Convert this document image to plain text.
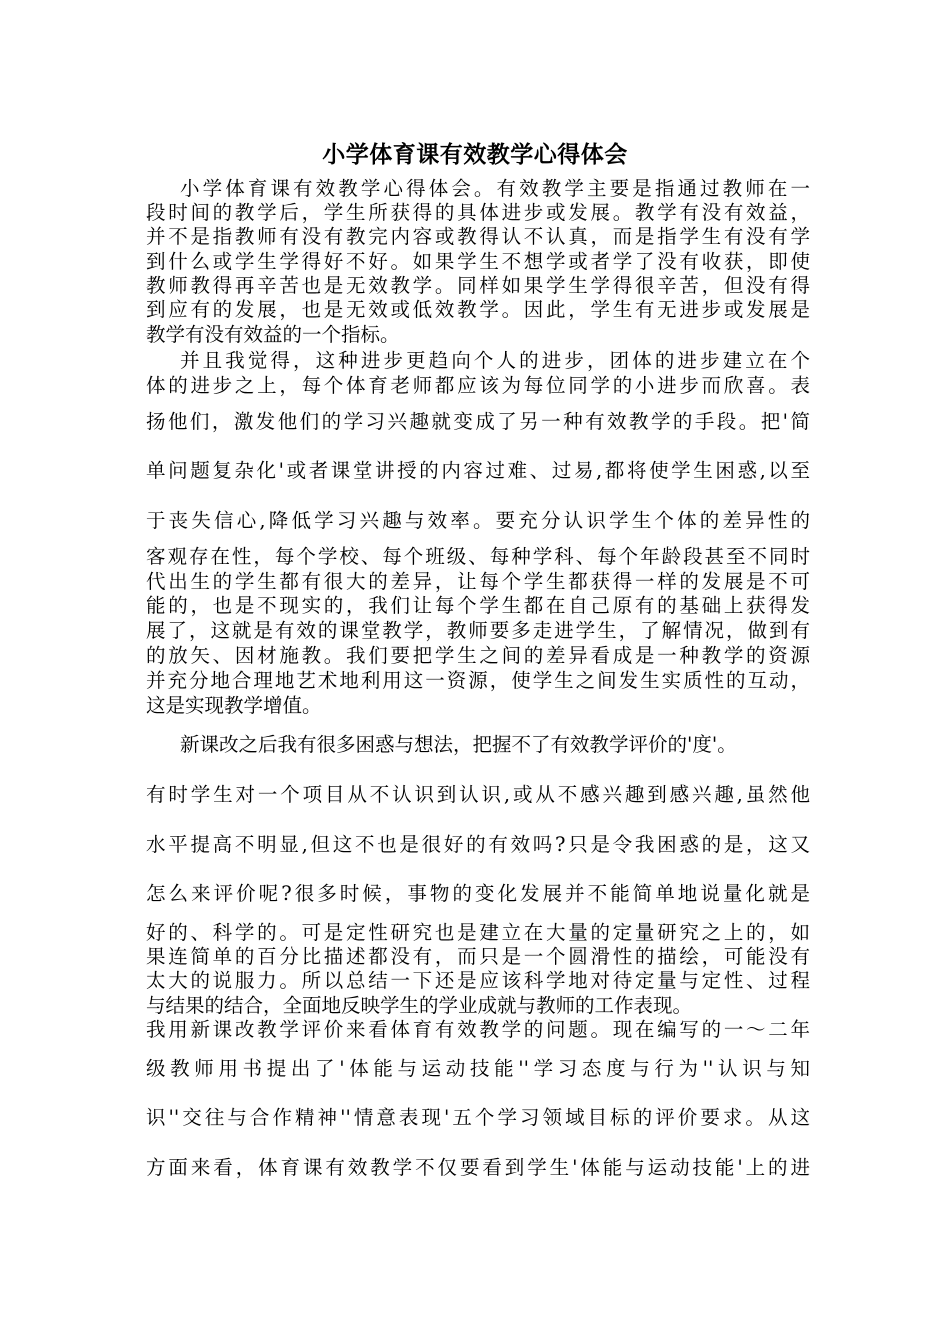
小学体育课有效教学心得体会
小学体育课有效教学心得体会。有效教学主要是指通过教师在一
段时间的教学后，学生所获得的具体进步或发展。教学有没有效益，
并不是指教师有没有教完内容或教得认不认真，而是指学生有没有学
到什么或学生学得好不好。如果学生不想学或者学了没有收获，即使
教师教得再辛苦也是无效教学。同样如果学生学得很辛苦，但没有得
到应有的发展，也是无效或低效教学。因此，学生有无进步或发展是
教学有没有效益的一个指标。
并且我觉得，这种进步更趋向个人的进步，团体的进步建立在个
体的进步之上，每个体育老师都应该为每位同学的小进步而欣喜。表
扬他们，激发他们的学习兴趣就变成了另一种有效教学的手段。把'简
单问题复杂化'或者课堂讲授的内容过难、过易,都将使学生困惑,以至
于丧失信心,降低学习兴趣与效率。要充分认识学生个体的差异性的
客观存在性，每个学校、每个班级、每种学科、每个年龄段甚至不同时
代出生的学生都有很大的差异，让每个学生都获得一样的发展是不可
能的，也是不现实的，我们让每个学生都在自己原有的基础上获得发
展了，这就是有效的课堂教学，教师要多走进学生，了解情况，做到有
的放矢、因材施教。我们要把学生之间的差异看成是一种教学的资源
并充分地合理地艺术地利用这一资源，使学生之间发生实质性的互动，
这是实现教学增值。
新课改之后我有很多困惑与想法，把握不了有效教学评价的'度'。
有时学生对一个项目从不认识到认识,或从不感兴趣到感兴趣,虽然他
水平提高不明显,但这不也是很好的有效吗?只是令我困惑的是，这又
怎么来评价呢?很多时候，事物的变化发展并不能简单地说量化就是
好的、科学的。可是定性研究也是建立在大量的定量研究之上的，如
果连简单的百分比描述都没有，而只是一个圆滑性的描绘，可能没有
太大的说服力。所以总结一下还是应该科学地对待定量与定性、过程
与结果的结合，全面地反映学生的学业成就与教师的工作表现。
我用新课改教学评价来看体育有效教学的问题。现在编写的一～二年
级教师用书提出了'体能与运动技能''学习态度与行为''认识与知
识''交往与合作精神''情意表现'五个学习领域目标的评价要求。从这
方面来看，体育课有效教学不仅要看到学生'体能与运动技能'上的进
